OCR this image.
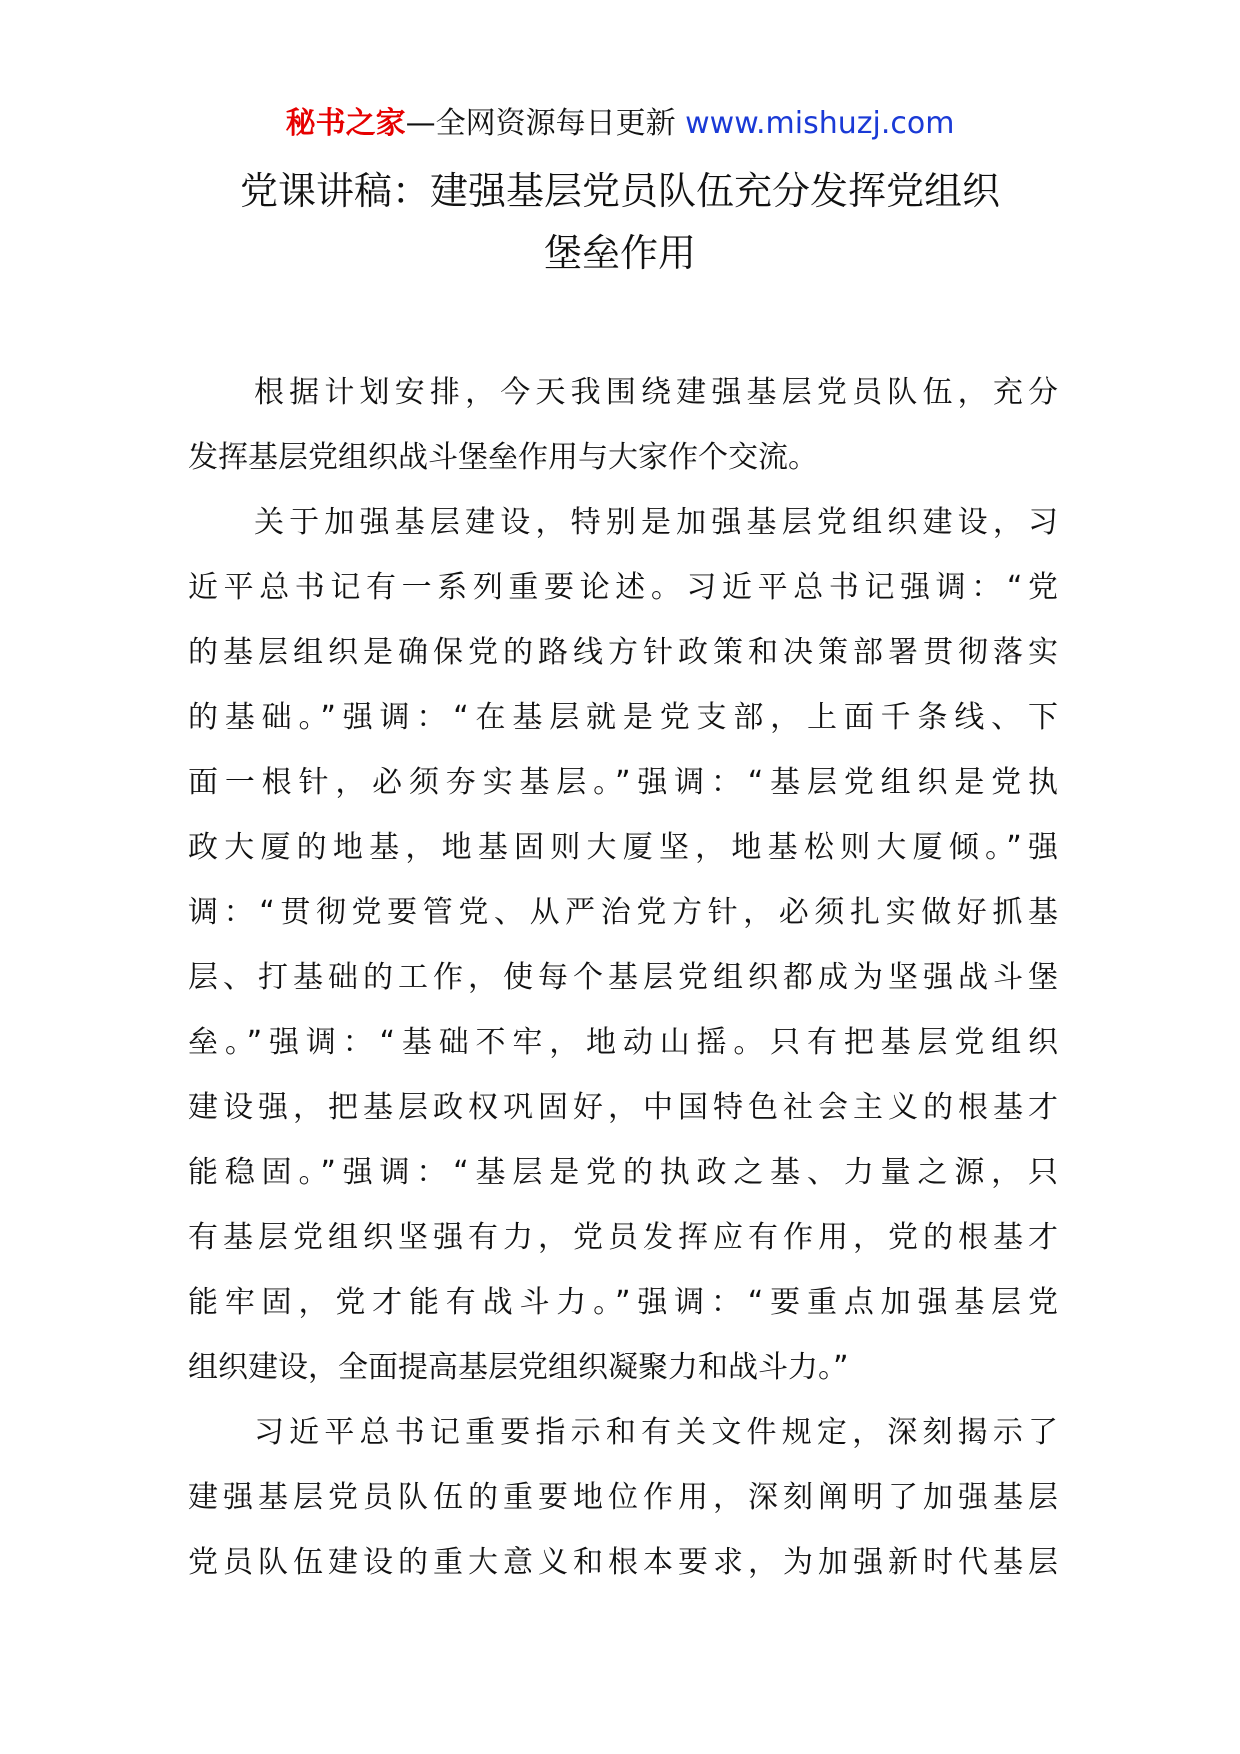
秘书之家—全网资源每日更新 www.mishuzj.com
党课讲稿：建强基层党员队伍充分发挥党组织
堡垒作用
根据计划安排，今天我围绕建强基层党员队伍，充分
发挥基层党组织战斗堡垒作用与大家作个交流。
关于加强基层建设，特别是加强基层党组织建设，习
近平总书记有一系列重要论述。习近平总书记强调：“党
的基层组织是确保党的路线方针政策和决策部署贯彻落实
的基础。”强调：“在基层就是党支部，上面千条线、下
面一根针，必须夯实基层。”强调：“基层党组织是党执
政大厦的地基，地基固则大厦坚，地基松则大厦倾。”强
调：“贯彻党要管党、从严治党方针，必须扎实做好抓基
层、打基础的工作，使每个基层党组织都成为坚强战斗堡
垒。”强调：“基础不牢，地动山摇。只有把基层党组织
建设强，把基层政权巩固好，中国特色社会主义的根基才
能稳固。”强调：“基层是党的执政之基、力量之源，只
有基层党组织坚强有力，党员发挥应有作用，党的根基才
能牢固，党才能有战斗力。”强调：“要重点加强基层党
组织建设，全面提高基层党组织凝聚力和战斗力。”
习近平总书记重要指示和有关文件规定，深刻揭示了
建强基层党员队伍的重要地位作用，深刻阐明了加强基层
党员队伍建设的重大意义和根本要求，为加强新时代基层
